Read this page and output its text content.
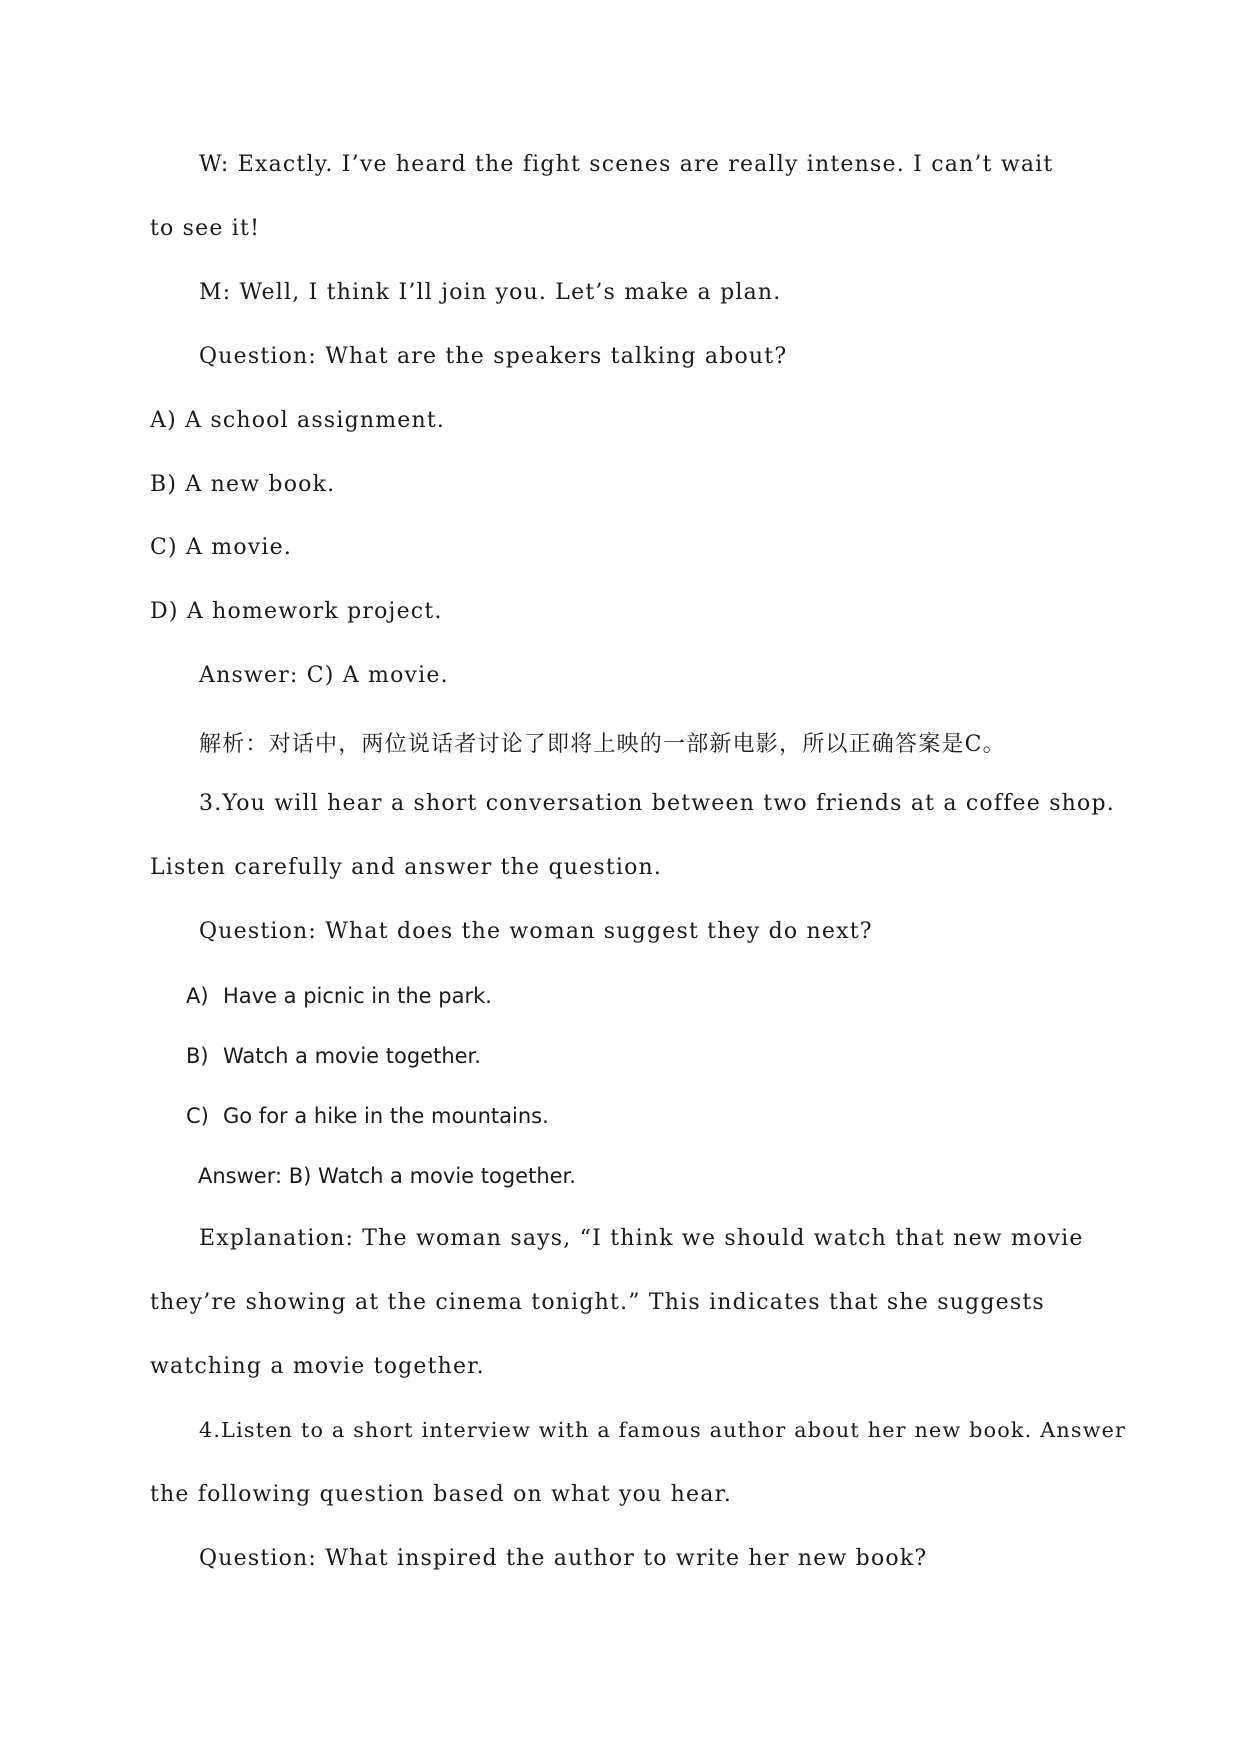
W: Exactly. I’ve heard the fight scenes are really intense. I can’t wait

to see it!

M: Well, I think I’ll join you. Let’s make a plan.

Question: What are the speakers talking about?

A) A school assignment.

B) A new book.

C) A movie.

D) A homework project.

Answer: C) A movie.

解析：对话中，两位说话者讨论了即将上映的一部新电影，所以正确答案是C。

3.You will hear a short conversation between two friends at a coffee shop.

Listen carefully and answer the question.

Question: What does the woman suggest they do next?

A) Have a picnic in the park.

B) Watch a movie together.

C) Go for a hike in the mountains.

Answer: B) Watch a movie together.

Explanation: The woman says, “I think we should watch that new movie

they’re showing at the cinema tonight.” This indicates that she suggests

watching a movie together.

4.Listen to a short interview with a famous author about her new book. Answer

the following question based on what you hear.

Question: What inspired the author to write her new book?
